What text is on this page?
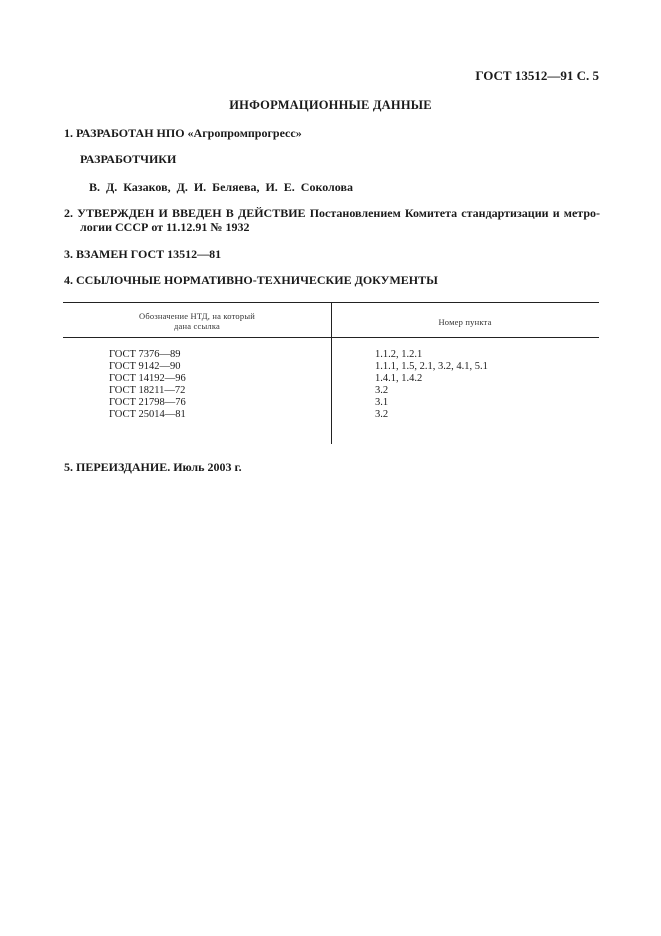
ГОСТ 13512—91 С. 5
ИНФОРМАЦИОННЫЕ ДАННЫЕ
1. РАЗРАБОТАН НПО «Агропромпрогресс»
РАЗРАБОТЧИКИ
В. Д. Казаков, Д. И. Беляева, И. Е. Соколова
2. УТВЕРЖДЕН И ВВЕДЕН В ДЕЙСТВИЕ Постановлением Комитета стандартизации и метро-
логии СССР от 11.12.91 № 1932
3. ВЗАМЕН ГОСТ 13512—81
4. ССЫЛОЧНЫЕ НОРМАТИВНО-ТЕХНИЧЕСКИЕ ДОКУМЕНТЫ
Обозначение НТД, на который
дана ссылка	Номер пункта
ГОСТ 7376—89
ГОСТ 9142—90
ГОСТ 14192—96
ГОСТ 18211—72
ГОСТ 21798—76
ГОСТ 25014—81
1.1.2, 1.2.1
1.1.1, 1.5, 2.1, 3.2, 4.1, 5.1
1.4.1, 1.4.2
3.2
3.1
3.2
5. ПЕРЕИЗДАНИЕ. Июль 2003 г.
